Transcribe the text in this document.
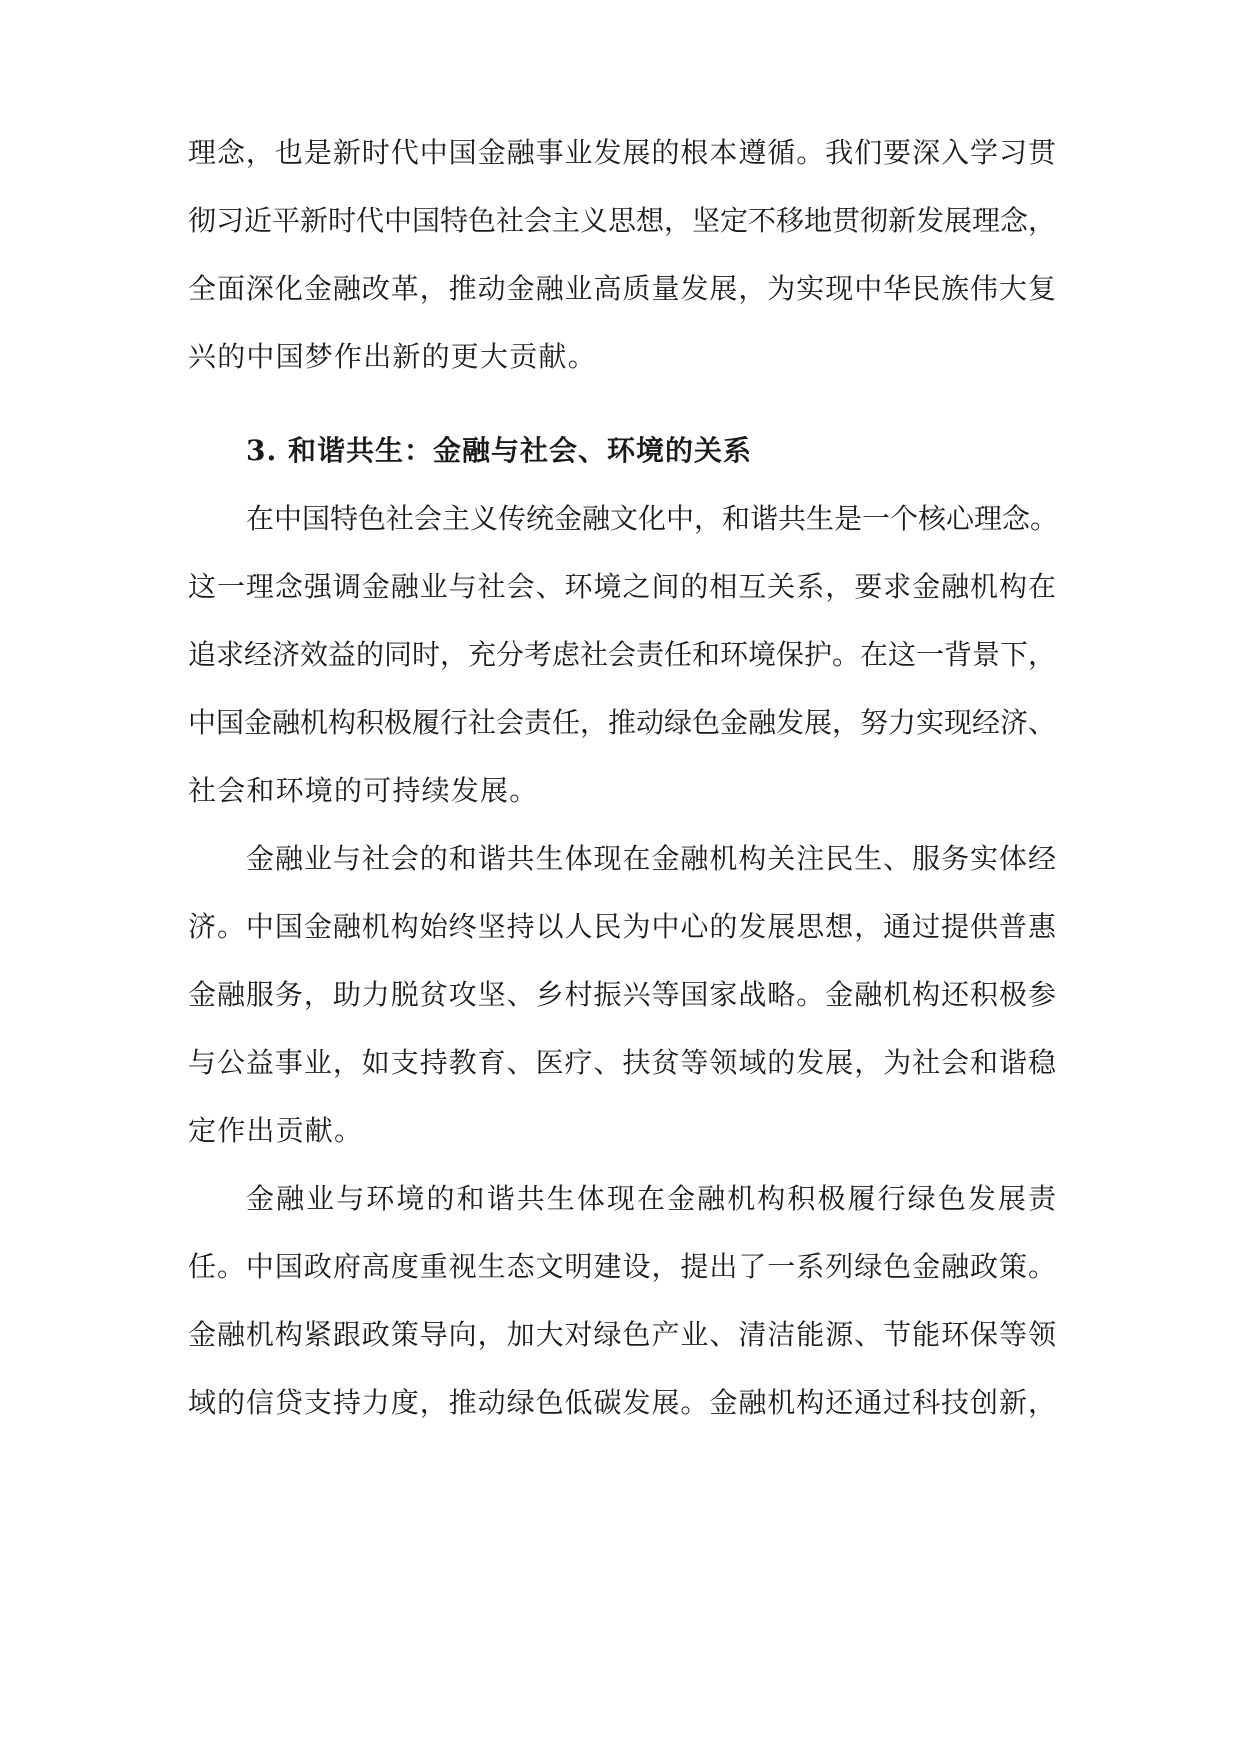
理念，也是新时代中国金融事业发展的根本遵循。我们要深入学习贯
彻习近平新时代中国特色社会主义思想，坚定不移地贯彻新发展理念，
全面深化金融改革，推动金融业高质量发展，为实现中华民族伟大复
兴的中国梦作出新的更大贡献。
3. 和谐共生：金融与社会、环境的关系
在中国特色社会主义传统金融文化中，和谐共生是一个核心理念。
这一理念强调金融业与社会、环境之间的相互关系，要求金融机构在
追求经济效益的同时，充分考虑社会责任和环境保护。在这一背景下，
中国金融机构积极履行社会责任，推动绿色金融发展，努力实现经济、
社会和环境的可持续发展。
金融业与社会的和谐共生体现在金融机构关注民生、服务实体经
济。中国金融机构始终坚持以人民为中心的发展思想，通过提供普惠
金融服务，助力脱贫攻坚、乡村振兴等国家战略。金融机构还积极参
与公益事业，如支持教育、医疗、扶贫等领域的发展，为社会和谐稳
定作出贡献。
金融业与环境的和谐共生体现在金融机构积极履行绿色发展责
任。中国政府高度重视生态文明建设，提出了一系列绿色金融政策。
金融机构紧跟政策导向，加大对绿色产业、清洁能源、节能环保等领
域的信贷支持力度，推动绿色低碳发展。金融机构还通过科技创新，
